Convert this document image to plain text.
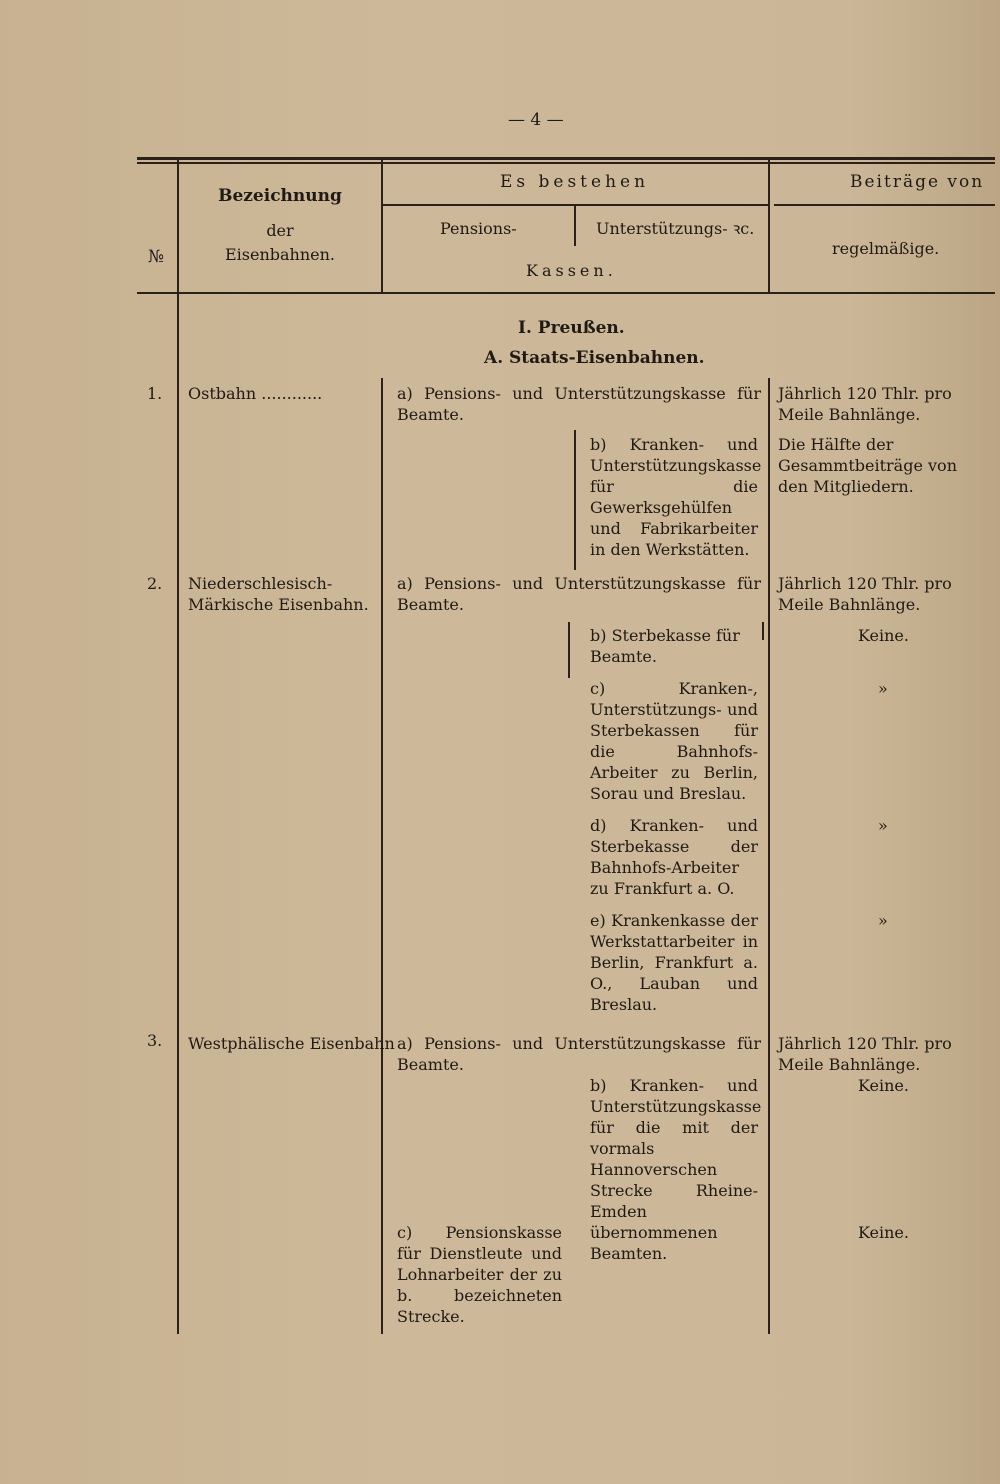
— 4 —
№
Bezeichnung
der
Eisenbahnen.
Es bestehen
Pensions-	Unterstützungs- ꝛc.
Kassen.
Beiträge von
regelmäßige.
I. Preußen.
A. Staats-Eisenbahnen.
1. Ostbahn ............	a) Pensions- und Unterstützungskasse für Beamte.
b) Kranken- und Unterstützungskasse für die Gewerksgehülfen und Fabrikarbeiter in den Werkstätten.
Jährlich 120 Thlr. pro Meile Bahnlänge.
Die Hälfte der Gesammtbeiträge von den Mitgliedern.
2. Niederschlesisch-Märkische Eisenbahn.
a) Pensions- und Unterstützungskasse für Beamte.
b) Sterbekasse für Beamte.
c) Kranken-, Unterstützungs- und Sterbekassen für die Bahnhofs-Arbeiter zu Berlin, Sorau und Breslau.
d) Kranken- und Sterbekasse der Bahnhofs-Arbeiter zu Frankfurt a. O.
e) Krankenkasse der Werkstattarbeiter in Berlin, Frankfurt a. O., Lauban und Breslau.
Jährlich 120 Thlr. pro Meile Bahnlänge.
Keine.
»
»
»
3. Westphälische Eisenbahn a) Pensions- und Unterstützungskasse für Beamte.
b) Kranken- und Unterstützungskasse für die mit der vormals Hannoverschen Strecke Rheine-Emden übernommenen Beamten.
c) Pensionskasse für Dienstleute und Lohnarbeiter der zu b. bezeichneten Strecke.
Jährlich 120 Thlr. pro Meile Bahnlänge.
Keine.
Keine.
